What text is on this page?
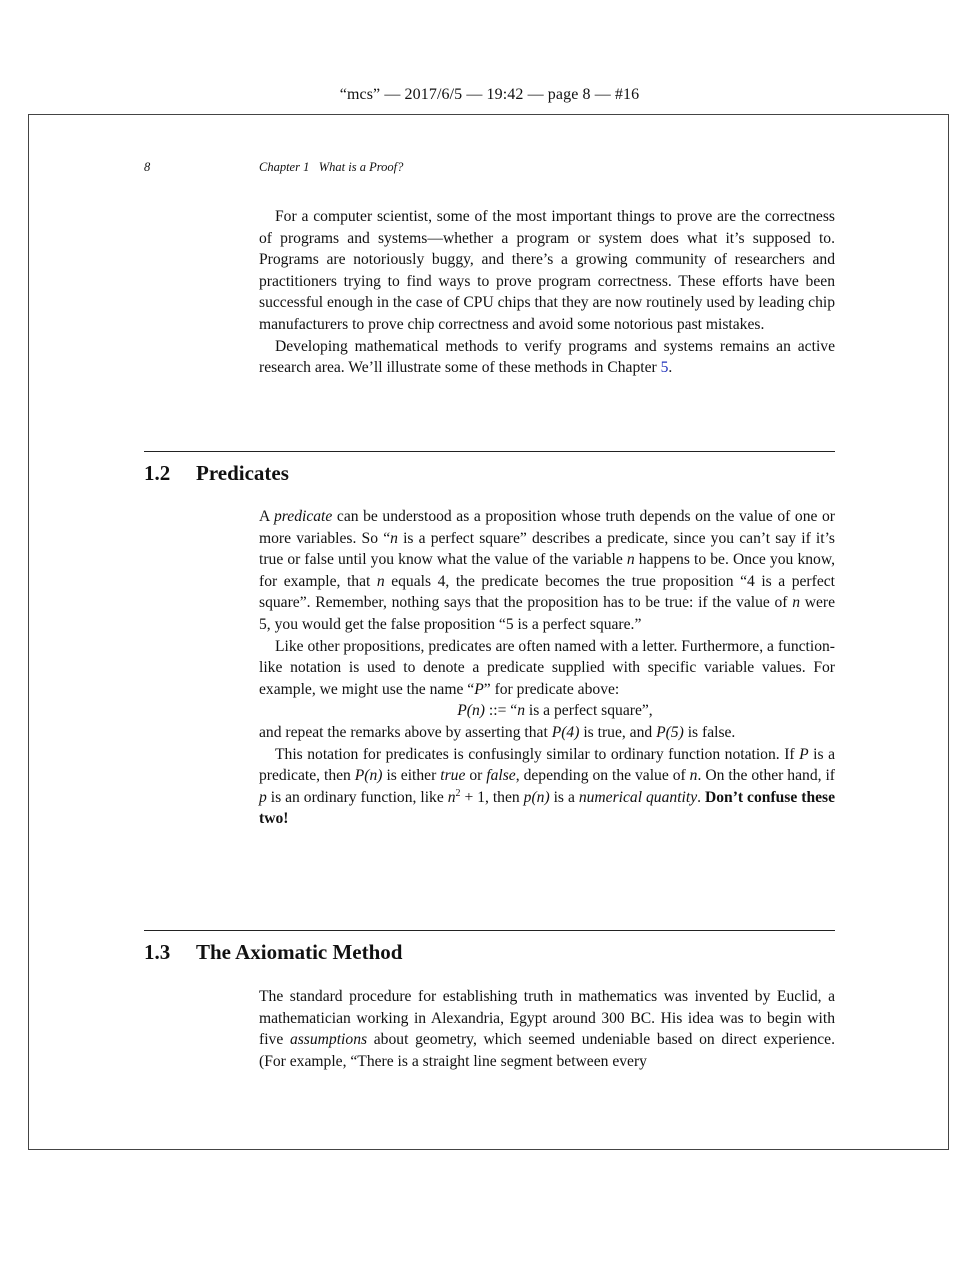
“mcs” — 2017/6/5 — 19:42 — page 8 — #16
8	Chapter 1   What is a Proof?

For a computer scientist, some of the most important things to prove are the correctness of programs and systems—whether a program or system does what it’s supposed to. Programs are notoriously buggy, and there’s a growing community of researchers and practitioners trying to find ways to prove program correctness. These efforts have been successful enough in the case of CPU chips that they are now routinely used by leading chip manufacturers to prove chip correctness and avoid some notorious past mistakes.

Developing mathematical methods to verify programs and systems remains an active research area. We’ll illustrate some of these methods in Chapter 5.

1.2 Predicates

A predicate can be understood as a proposition whose truth depends on the value of one or more variables. So “n is a perfect square” describes a predicate, since you can’t say if it’s true or false until you know what the value of the variable n happens to be. Once you know, for example, that n equals 4, the predicate becomes the true proposition “4 is a perfect square”. Remember, nothing says that the proposition has to be true: if the value of n were 5, you would get the false proposition “5 is a perfect square.”

Like other propositions, predicates are often named with a letter. Furthermore, a function-like notation is used to denote a predicate supplied with specific variable values. For example, we might use the name “P” for predicate above:

P(n) ::= “n is a perfect square”,

and repeat the remarks above by asserting that P(4) is true, and P(5) is false.

This notation for predicates is confusingly similar to ordinary function notation. If P is a predicate, then P(n) is either true or false, depending on the value of n. On the other hand, if p is an ordinary function, like $n^2 + 1$, then p(n) is a numerical quantity. Don’t confuse these two!

1.3 The Axiomatic Method

The standard procedure for establishing truth in mathematics was invented by Euclid, a mathematician working in Alexandria, Egypt around 300 BC. His idea was to begin with five assumptions about geometry, which seemed undeniable based on direct experience. (For example, “There is a straight line segment between every
